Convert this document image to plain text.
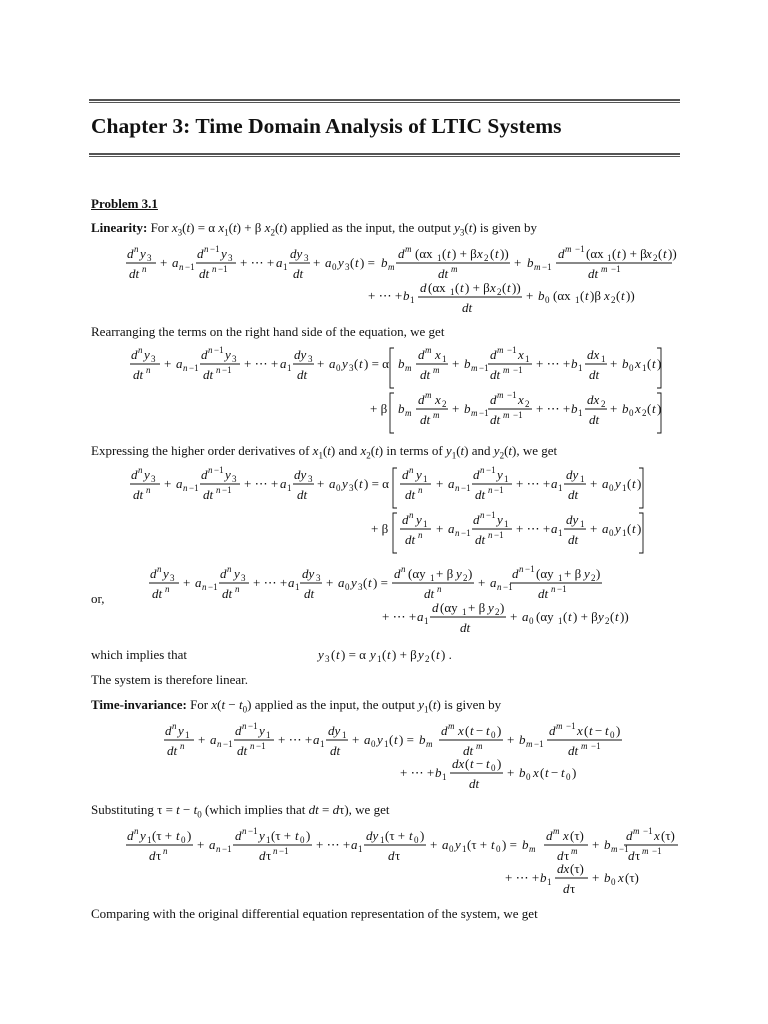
Chapter 3: Time Domain Analysis of LTIC Systems
Problem 3.1
Linearity: For $x_3(t) = \alpha$ $x_1(t) + \beta$ $x_2(t)$ applied as the input, the output $y_3(t)$ is given by
d n y 3
dt n + a n −1
d n −1 y 3
dt n −1 + ⋯ + a 1
dy 3
dt
+ a 0 y 3 ( t ) = b m
d m (αx 1 ( t ) + β x 2 ( t ))
dt m	+ b m −1
d m −1 (αx 1 ( t ) + β x 2 ( t ))
dt m −1
+ ⋯ + b 1
d (αx 1 ( t ) + β x 2 ( t ))
dt
+ b 0 (αx 1 ( t )β x 2 ( t ))
Rearranging the terms on the right hand side of the equation, we get
d n y 3
dt n + a n −1
d n −1 y 3
dt n −1 + ⋯ + a 1
dy 3
dt
+ a 0 y 3 ( t ) = α b m
d m x 1
dt m + b m −1
d m −1 x 1
dt m −1 + ⋯ + b 1
dx 1
dt
+ b 0 x 1 ( t )
+ β b m
d m x 2
dt m + b m −1
d m −1 x 2
dt m −1 + ⋯ + b 1
dx 2
dt
+ b 0 x 2 ( t )
Expressing the higher order derivatives of $x_1(t)$ and $x_2(t)$ in terms of $y_1(t)$ and $y_2(t)$, we get
d n y 3
dt n + a n −1
d n −1 y 3
dt n −1 + ⋯ + a 1
dy 3
dt
+ a 0 y 3 ( t ) = α
d n y 1
dt n + a n −1
d n −1 y 1
dt n −1 + ⋯ + a 1
dy 1
dt
+ a 0 y 1 ( t )
+ β
d n y 1
dt n + a n −1
d n −1 y 1
dt n −1 + ⋯ + a 1
dy 1
dt
+ a 0 y 1 ( t )
or,
d n y 3
dt n + a n −1
d n y 3
dt n + ⋯ + a 1
dy 3
dt
+ a 0 y 3 ( t ) =
d n (αy 1 + β y 2 )
dt n	+ a n −1
d n −1 (αy 1 + β y 2 )
dt n −1
+ ⋯ + a 1
d (αy 1 + β y 2 )
dt
+ a 0 (αy 1 ( t ) + β y 2 ( t ))
which implies that	y 3 ( t ) = α y 1 ( t ) + β y 2 ( t ) .
The system is therefore linear.
Time-invariance: For $x(t - t_0)$ applied as the input, the output $y_1(t)$ is given by
d n y 1
dt n + a n −1
d n −1 y 1
dt n −1 + ⋯ + a 1
dy 1
dt
+ a 0 y 1 ( t ) = b m
d m x ( t − t 0 )
dt m + b m −1
d m −1 x ( t − t 0 )
dt m −1
+ ⋯ + b 1
dx ( t − t 0 )
dt
+ b 0 x ( t − t 0 )
Substituting $\tau = t - t_0$ (which implies that dt = dτ), we get
d n y 1 (τ + t 0 )
d τ n + a n −1
d n −1 y 1 (τ + t 0 )
d τ n −1 + ⋯ + a 1
dy 1 (τ + t 0 )
d τ
+ a 0 y 1 (τ + t 0 ) = b m
d m x (τ)
d τ m + b m −1
d m −1 x (τ)
d τ m −1
+ ⋯ + b 1
dx (τ)
d τ
+ b 0 x (τ)
Comparing with the original differential equation representation of the system, we get
